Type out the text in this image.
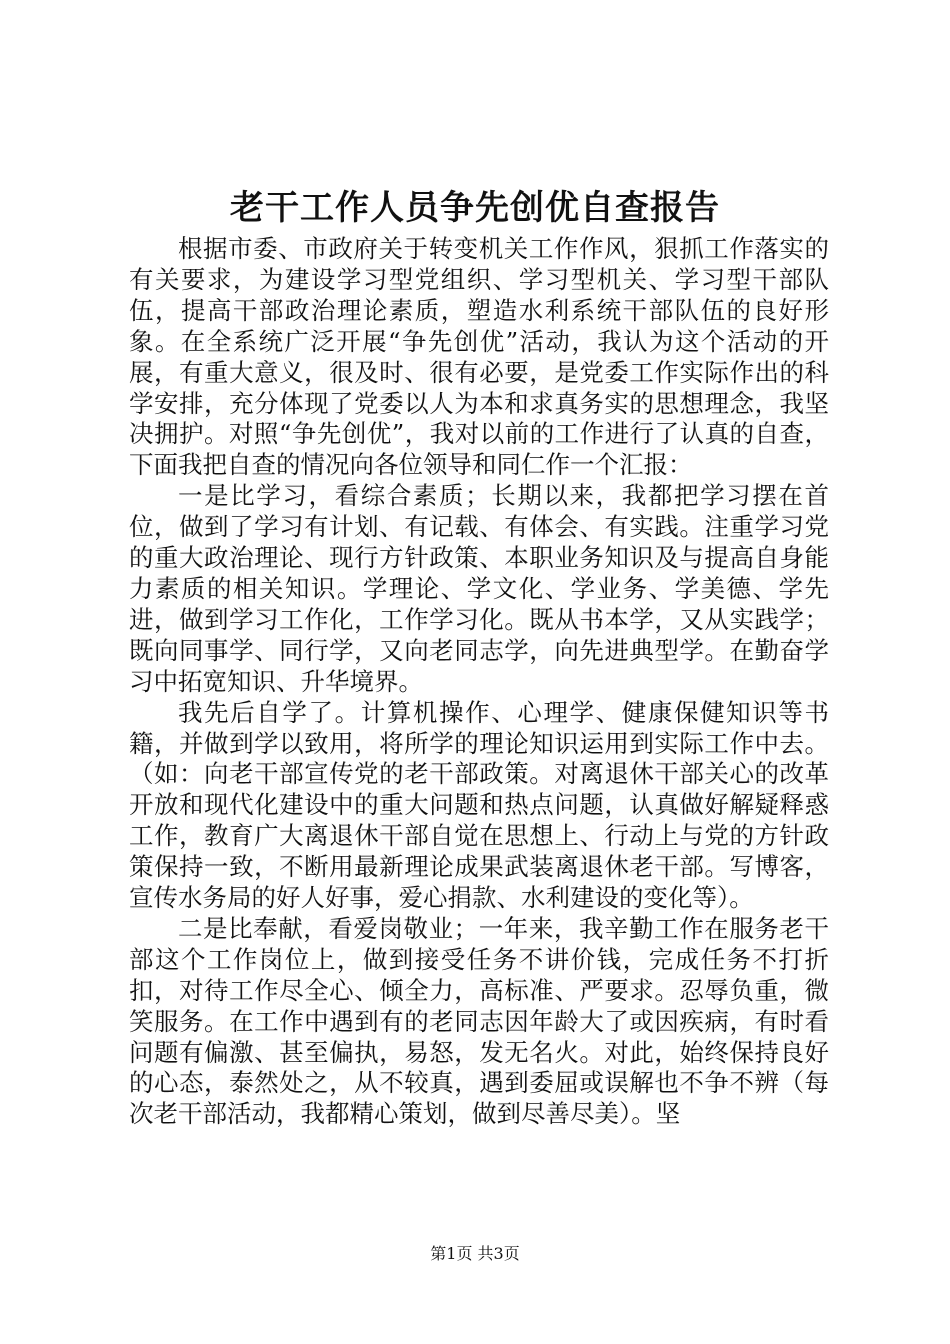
老干工作人员争先创优自查报告

根据市委、市政府关于转变机关工作作风，狠抓工作落实的有关要求，为建设学习型党组织、学习型机关、学习型干部队伍，提高干部政治理论素质，塑造水利系统干部队伍的良好形象。在全系统广泛开展“争先创优”活动，我认为这个活动的开展，有重大意义，很及时、很有必要，是党委工作实际作出的科学安排，充分体现了党委以人为本和求真务实的思想理念，我坚决拥护。对照“争先创优”，我对以前的工作进行了认真的自查，下面我把自查的情况向各位领导和同仁作一个汇报：

一是比学习，看综合素质；长期以来，我都把学习摆在首位，做到了学习有计划、有记载、有体会、有实践。注重学习党的重大政治理论、现行方针政策、本职业务知识及与提高自身能力素质的相关知识。学理论、学文化、学业务、学美德、学先进，做到学习工作化，工作学习化。既从书本学，又从实践学；既向同事学、同行学，又向老同志学，向先进典型学。在勤奋学习中拓宽知识、升华境界。

我先后自学了。计算机操作、心理学、健康保健知识等书籍，并做到学以致用，将所学的理论知识运用到实际工作中去。（如：向老干部宣传党的老干部政策。对离退休干部关心的改革开放和现代化建设中的重大问题和热点问题，认真做好解疑释惑工作，教育广大离退休干部自觉在思想上、行动上与党的方针政策保持一致，不断用最新理论成果武装离退休老干部。写博客，宣传水务局的好人好事，爱心捐款、水利建设的变化等）。

二是比奉献，看爱岗敬业；一年来，我辛勤工作在服务老干部这个工作岗位上，做到接受任务不讲价钱，完成任务不打折扣，对待工作尽全心、倾全力，高标准、严要求。忍辱负重，微笑服务。在工作中遇到有的老同志因年龄大了或因疾病，有时看问题有偏激、甚至偏执，易怒，发无名火。对此，始终保持良好的心态，泰然处之，从不较真，遇到委屈或误解也不争不辨（每次老干部活动，我都精心策划，做到尽善尽美）。坚

第1页 共3页
